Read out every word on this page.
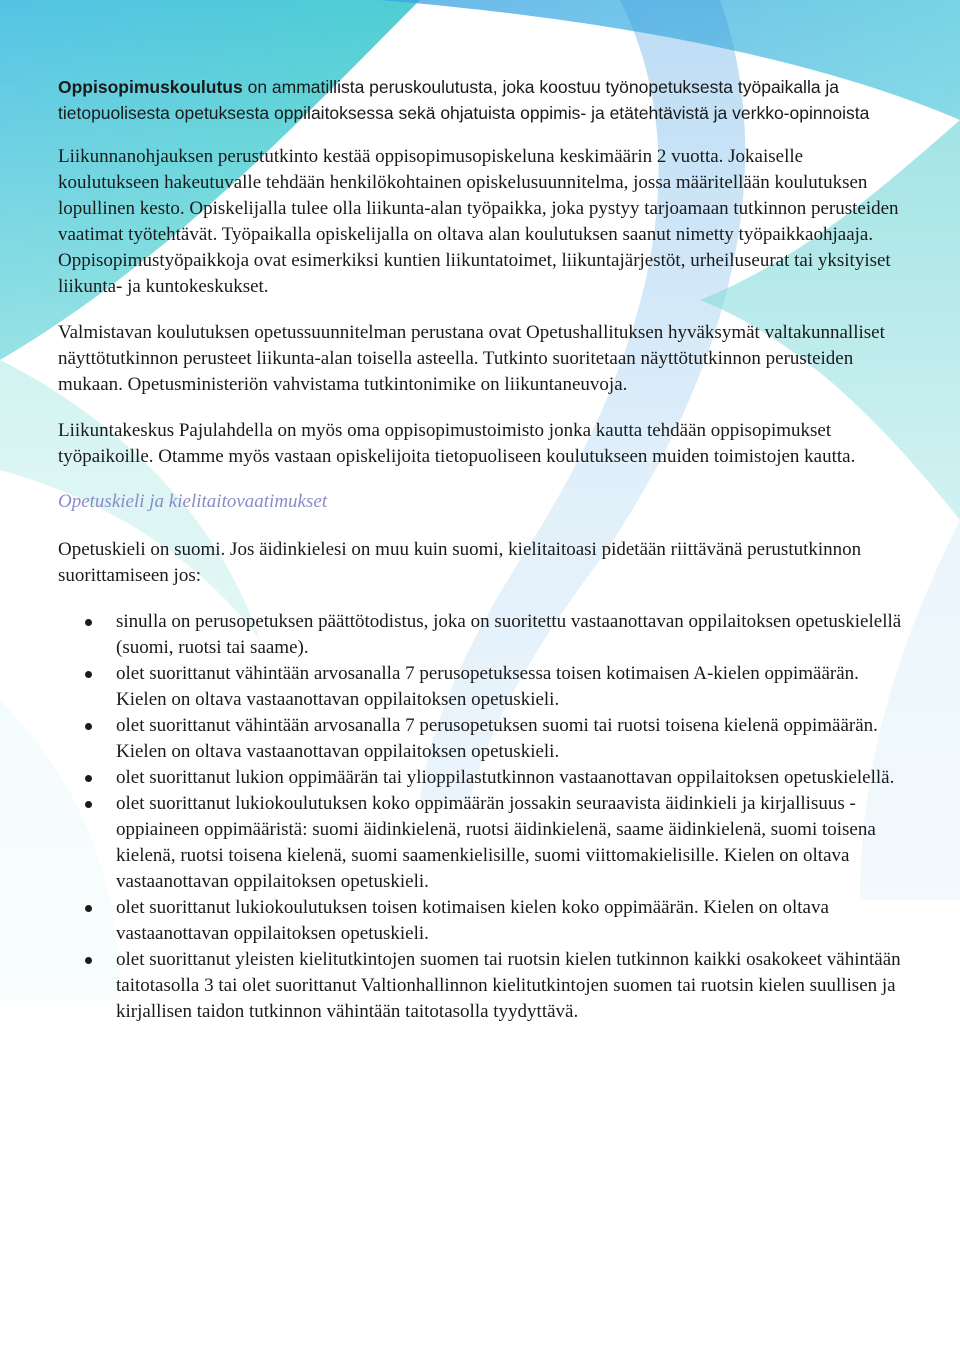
Oppisopimuskoulutus on ammatillista peruskoulutusta, joka koostuu työnopetuksesta työpaikalla ja tietopuolisesta opetuksesta oppilaitoksessa sekä ohjatuista oppimis- ja etätehtävistä ja verkko-opinnoista

Liikunnanohjauksen perustutkinto kestää oppisopimusopiskeluna keskimäärin 2 vuotta. Jokaiselle koulutukseen hakeutuvalle tehdään henkilökohtainen opiskelusuunnitelma, jossa määritellään koulutuksen lopullinen kesto. Opiskelijalla tulee olla liikunta-alan työpaikka, joka pystyy tarjoamaan tutkinnon perusteiden vaatimat työtehtävät. Työpaikalla opiskelijalla on oltava alan koulutuksen saanut nimetty työpaikkaohjaaja. Oppisopimustyöpaikkoja ovat esimerkiksi kuntien liikuntatoimet, liikuntajärjestöt, urheiluseurat tai yksityiset liikunta- ja kuntokeskukset.

Valmistavan koulutuksen opetussuunnitelman perustana ovat Opetushallituksen hyväksymät valtakunnalliset näyttötutkinnon perusteet liikunta-alan toisella asteella. Tutkinto suoritetaan näyttötutkinnon perusteiden mukaan. Opetusministeriön vahvistama tutkintonimike on liikuntaneuvoja.

Liikuntakeskus Pajulahdella on myös oma oppisopimustoimisto jonka kautta tehdään oppisopimukset työpaikoille. Otamme myös vastaan opiskelijoita tietopuoliseen koulutukseen muiden toimistojen kautta.

Opetuskieli ja kielitaitovaatimukset

Opetuskieli on suomi. Jos äidinkielesi on muu kuin suomi, kielitaitoasi pidetään riittävänä perustutkinnon suorittamiseen jos:

sinulla on perusopetuksen päättötodistus, joka on suoritettu vastaanottavan oppilaitoksen opetuskielellä (suomi, ruotsi tai saame).
olet suorittanut vähintään arvosanalla 7 perusopetuksessa toisen kotimaisen A-kielen oppimäärän. Kielen on oltava vastaanottavan oppilaitoksen opetuskieli.
olet suorittanut vähintään arvosanalla 7 perusopetuksen suomi tai ruotsi toisena kielenä oppimäärän. Kielen on oltava vastaanottavan oppilaitoksen opetuskieli.
olet suorittanut lukion oppimäärän tai ylioppilastutkinnon vastaanottavan oppilaitoksen opetuskielellä.
olet suorittanut lukiokoulutuksen koko oppimäärän jossakin seuraavista äidinkieli ja kirjallisuus -oppiaineen oppimääristä: suomi äidinkielenä, ruotsi äidinkielenä, saame äidinkielenä, suomi toisena kielenä, ruotsi toisena kielenä, suomi saamenkielisille, suomi viittomakielisille. Kielen on oltava vastaanottavan oppilaitoksen opetuskieli.
olet suorittanut lukiokoulutuksen toisen kotimaisen kielen koko oppimäärän. Kielen on oltava vastaanottavan oppilaitoksen opetuskieli.
olet suorittanut yleisten kielitutkintojen suomen tai ruotsin kielen tutkinnon kaikki osakokeet vähintään taitotasolla 3 tai olet suorittanut Valtionhallinnon kielitutkintojen suomen tai ruotsin kielen suullisen ja kirjallisen taidon tutkinnon vähintään taitotasolla tyydyttävä.
